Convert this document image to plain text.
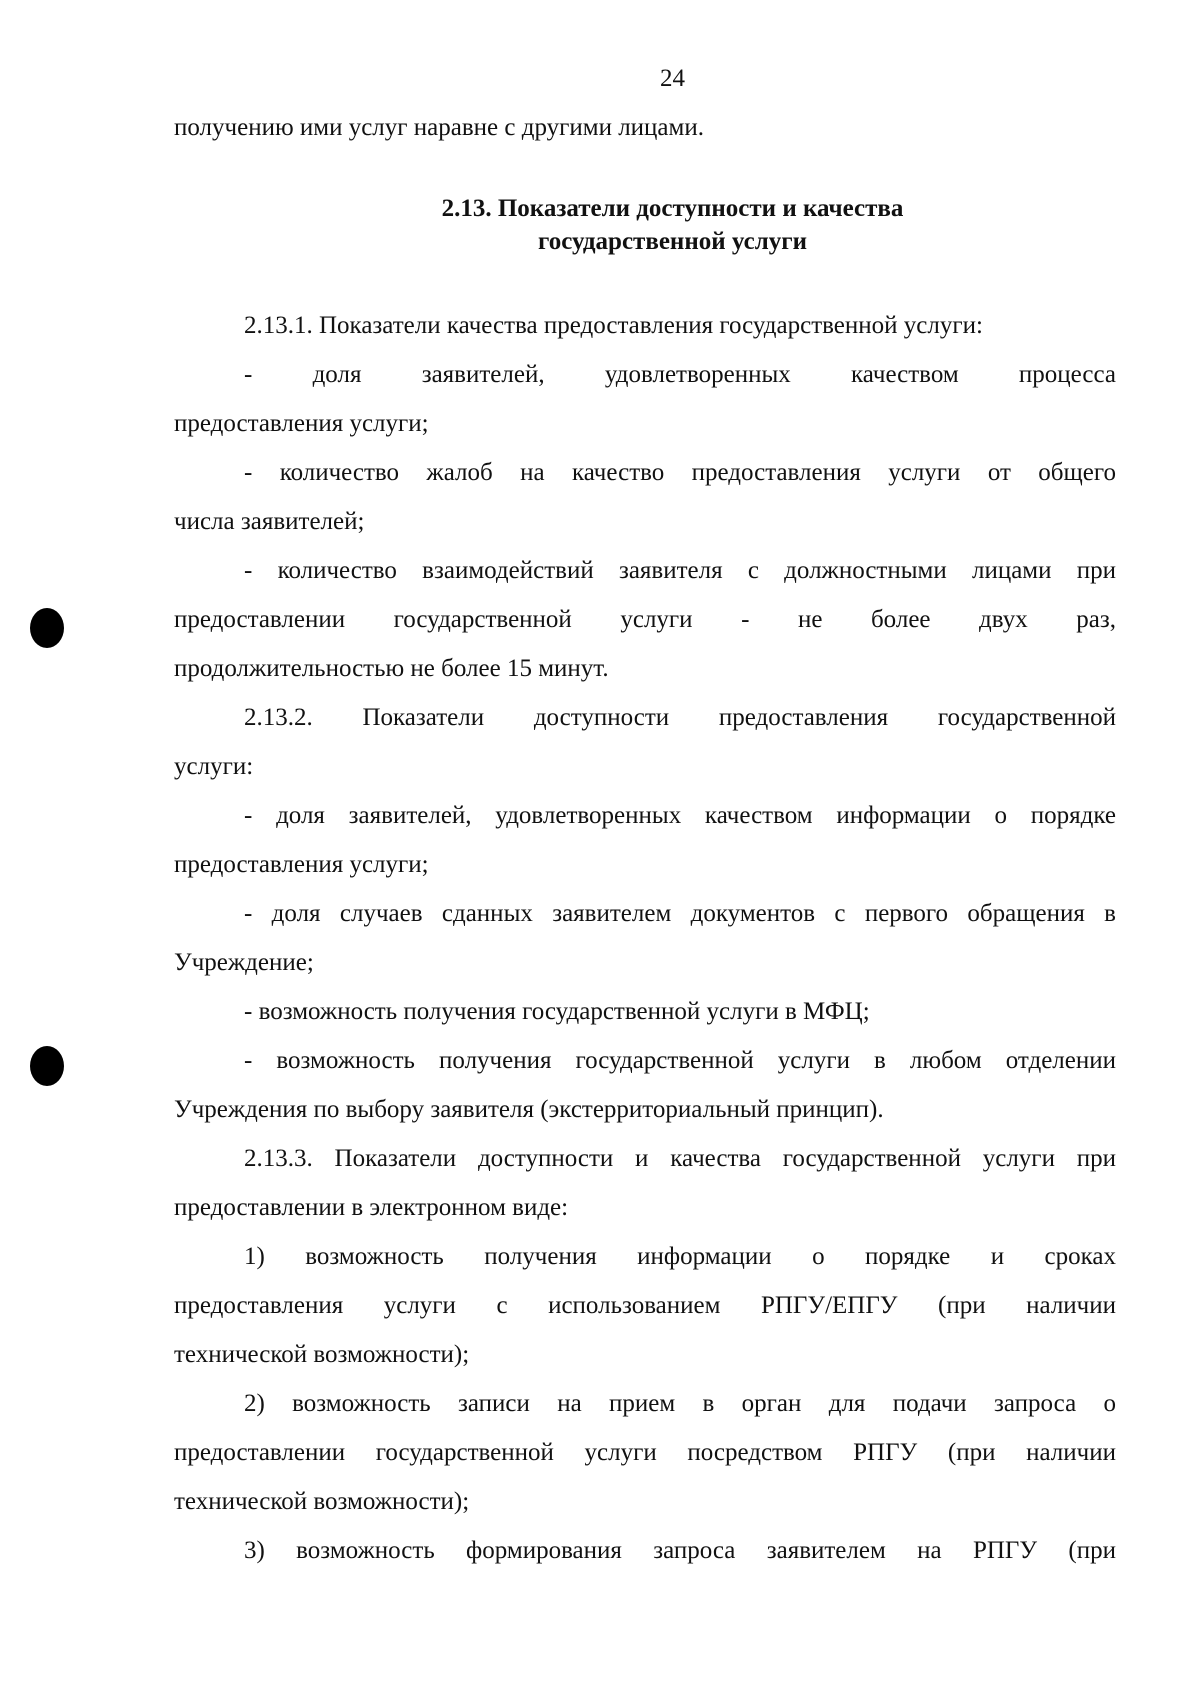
24

получению ими услуг наравне с другими лицами.

2.13. Показатели доступности и качества
государственной услуги

2.13.1. Показатели качества предоставления государственной услуги:

- доля заявителей, удовлетворенных качеством процесса

предоставления услуги;

- количество жалоб на качество предоставления услуги от общего

числа заявителей;

- количество взаимодействий заявителя с должностными лицами при

предоставлении государственной услуги - не более двух раз,

продолжительностью не более 15 минут.

2.13.2. Показатели доступности предоставления государственной

услуги:

- доля заявителей, удовлетворенных качеством информации о порядке

предоставления услуги;

- доля случаев сданных заявителем документов с первого обращения в

Учреждение;

- возможность получения государственной услуги в МФЦ;

- возможность получения государственной услуги в любом отделении

Учреждения по выбору заявителя (экстерриториальный принцип).

2.13.3. Показатели доступности и качества государственной услуги при

предоставлении в электронном виде:

1) возможность получения информации о порядке и сроках

предоставления услуги с использованием РПГУ/ЕПГУ (при наличии

технической возможности);

2) возможность записи на прием в орган для подачи запроса о

предоставлении государственной услуги посредством РПГУ (при наличии

технической возможности);

3) возможность формирования запроса заявителем на РПГУ (при
